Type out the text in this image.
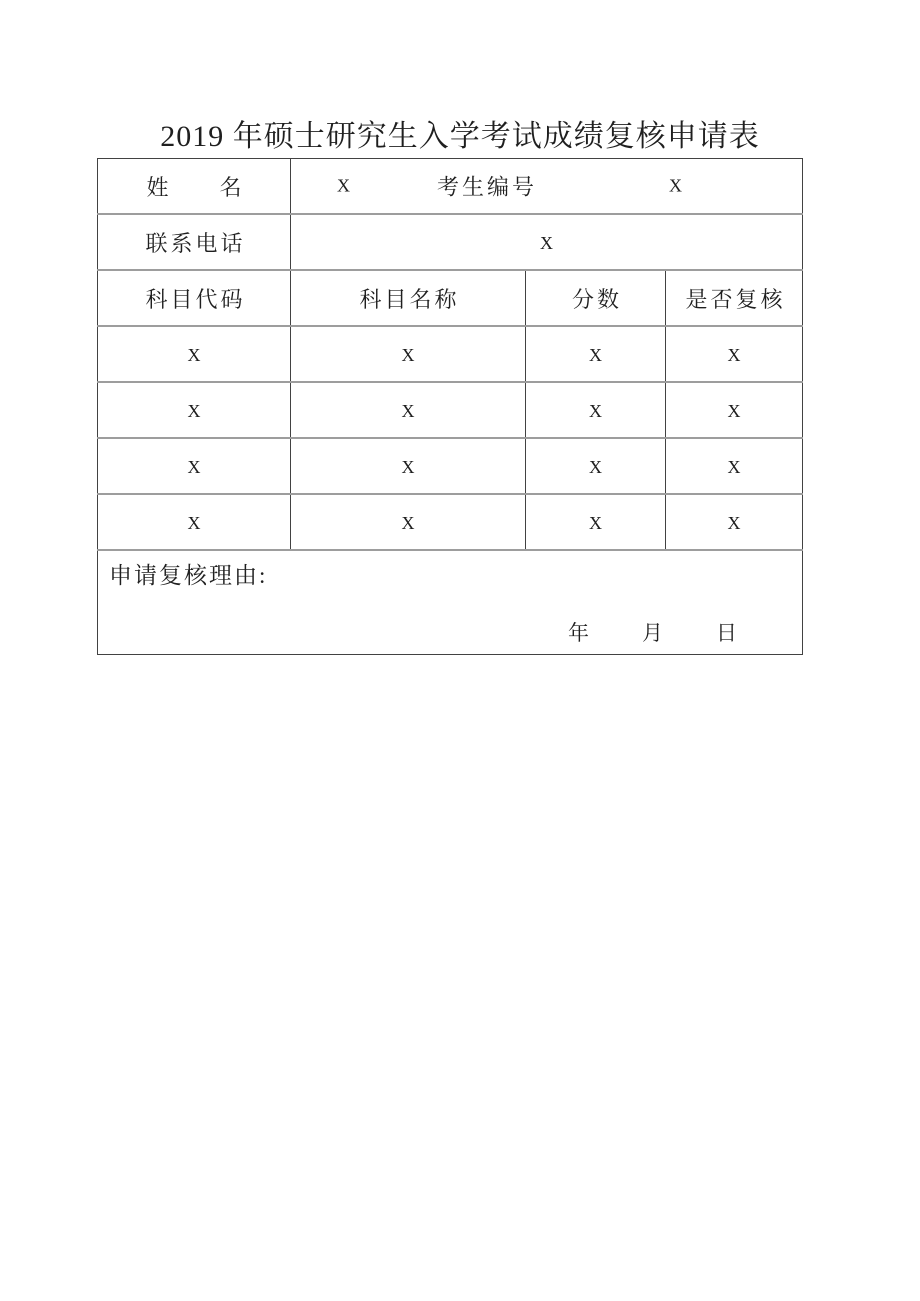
2019 年硕士研究生入学考试成绩复核申请表
姓名	X 考生编号 X		

联系电话	X		
科目代码	科目名称	分数	是否复核
X	X	X	X
X	X	X	X
X	X	X	X
X	X	X	X

申请复核理由:
年 月 日			
